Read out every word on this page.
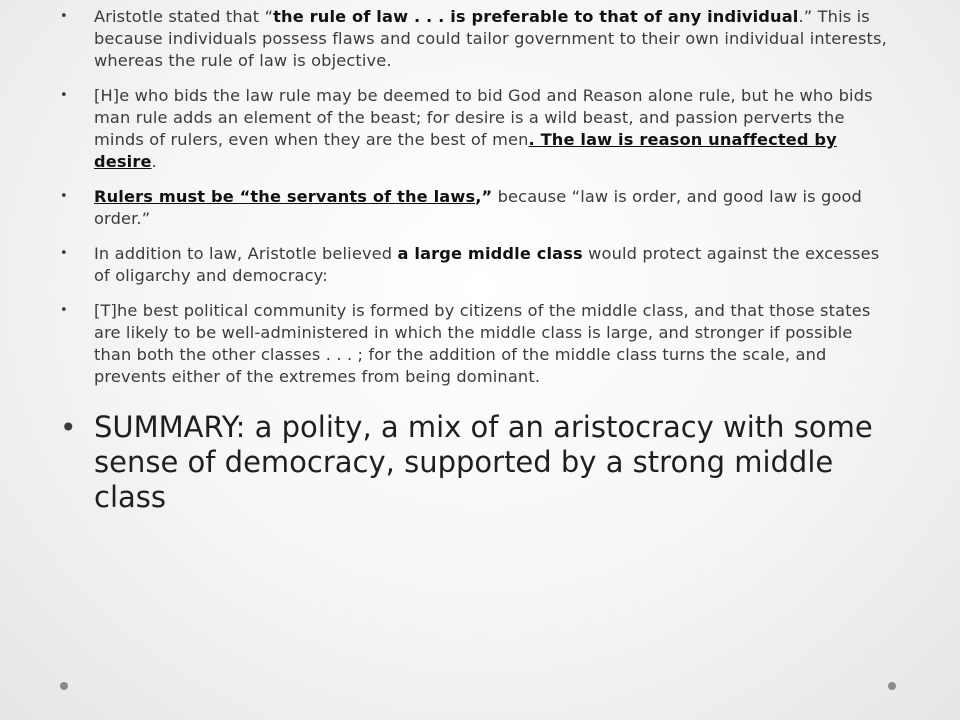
• Aristotle stated that “the rule of law . . . is preferable to that of any individual.” This is because individuals possess flaws and could tailor government to their own individual interests, whereas the rule of law is objective.
• [H]e who bids the law rule may be deemed to bid God and Reason alone rule, but he who bids man rule adds an element of the beast; for desire is a wild beast, and passion perverts the minds of rulers, even when they are the best of men. The law is reason unaffected by desire.
• Rulers must be “the servants of the laws,” because “law is order, and good law is good order.”
• In addition to law, Aristotle believed a large middle class would protect against the excesses of oligarchy and democracy:
• [T]he best political community is formed by citizens of the middle class, and that those states are likely to be well-administered in which the middle class is large, and stronger if possible than both the other classes . . . ; for the addition of the middle class turns the scale, and prevents either of the extremes from being dominant.
• SUMMARY: a polity, a mix of an aristocracy with some sense of democracy, supported by a strong middle class
